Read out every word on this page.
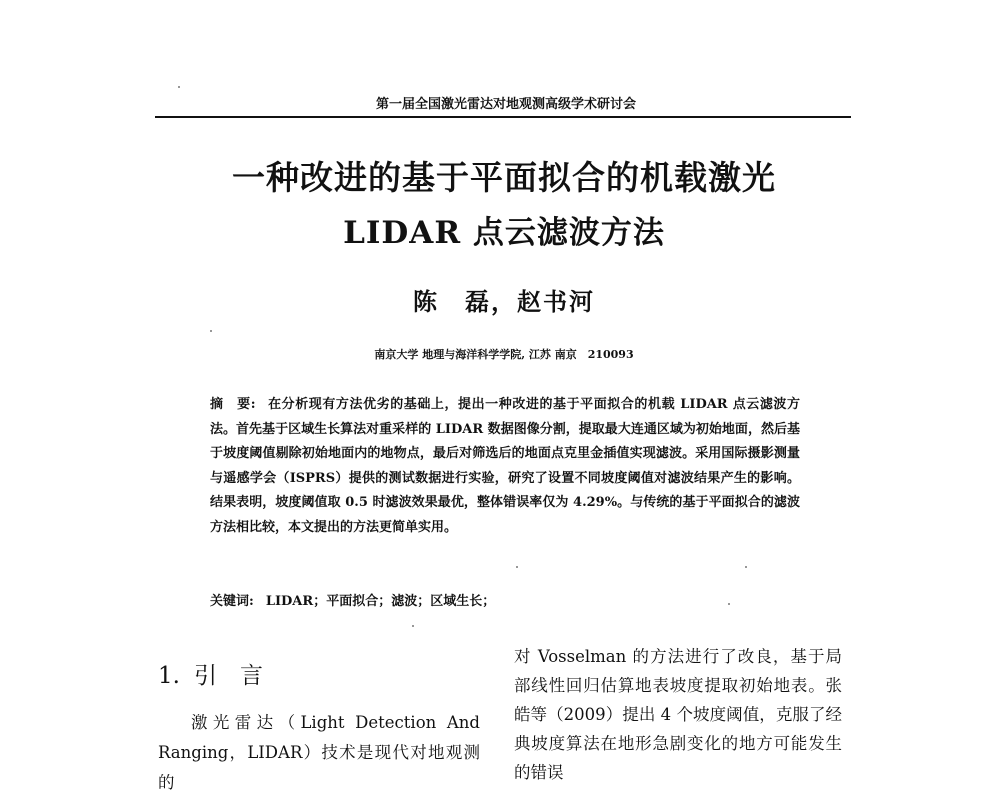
第一届全国激光雷达对地观测高级学术研讨会
一种改进的基于平面拟合的机载激光
LIDAR 点云滤波方法
陈　磊，赵书河
南京大学 地理与海洋科学学院, 江苏 南京　210093
摘　要: 在分析现有方法优劣的基础上，提出一种改进的基于平面拟合的机载 LIDAR 点云滤波方法。首先基于区域生长算法对重采样的 LIDAR 数据图像分割，提取最大连通区域为初始地面，然后基于坡度阈值剔除初始地面内的地物点，最后对筛选后的地面点克里金插值实现滤波。采用国际摄影测量与遥感学会（ISPRS）提供的测试数据进行实验，研究了设置不同坡度阈值对滤波结果产生的影响。结果表明，坡度阈值取 0.5 时滤波效果最优，整体错误率仅为 4.29%。与传统的基于平面拟合的滤波方法相比较，本文提出的方法更简单实用。
关键词: LIDAR；平面拟合；滤波；区域生长；
1. 引　言

激光雷达（Light Detection And Ranging，LIDAR）技术是现代对地观测的

对 Vosselman 的方法进行了改良，基于局部线性回归估算地表坡度提取初始地表。张皓等（2009）提出 4 个坡度阈值，克服了经典坡度算法在地形急剧变化的地方可能发生的错误
